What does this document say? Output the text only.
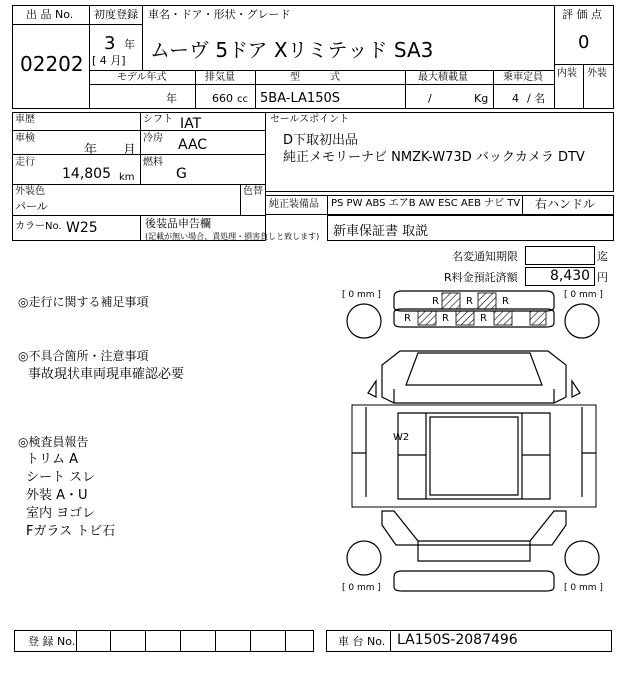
出 品 No.
02202
初度登録
3 年
[ 4 月]
車名・ドア・形状・グレード
ムーヴ 5ドア Xリミテッド SA3
評 価 点
0
内装 外装
モデル年式	排気量	型　　　式	最大積載量	乗車定員
年	660 cc 5BA-LA150S	/	Kg 4 / 名
車歴
車検
年　　月
走行
14,805 km
シフト IAT
冷房 AAC
燃料
G
外装色
パール
色替
カラーNo. W25	後装品申告欄
(記載が無い場合、責処理・損害負しと致します)
セールスポイント
D下取初出品
純正メモリーナビ NMZK-W73D バックカメラ DTV
純正装備品 PS PW ABS エアB AW ESC AEB ナビ TV 右ハンドル
新車保証書 取説
名変通知期限	迄
R料金預託済額 8,430 円
◎走行に関する補足事項
◎不具合箇所・注意事項
事故現状車両現車確認必要
◎検査員報告
トリム A
シート スレ
外装 A・U
室内 ヨゴレ
Fガラス トビ石
[ 0 mm ]	[ 0 mm ]
[ 0 mm ]	[ 0 mm ]
R	R	R
R	R	R
W2
登 録 No.	車 台 No. LA150S-2087496
